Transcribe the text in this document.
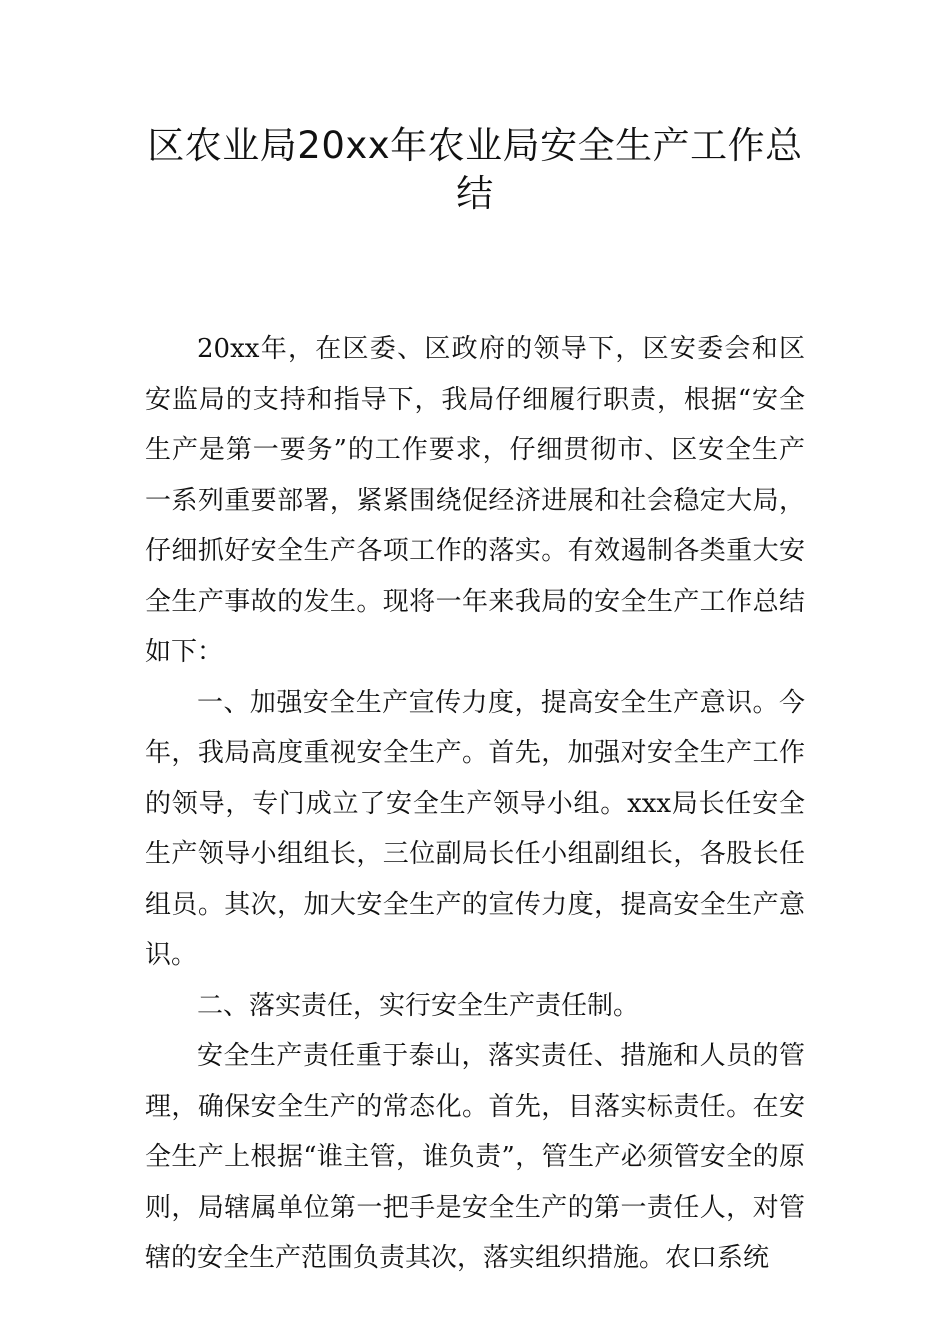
区农业局20xx年农业局安全生产工作总结

20xx年，在区委、区政府的领导下，区安委会和区安监局的支持和指导下，我局仔细履行职责，根据“安全生产是第一要务”的工作要求，仔细贯彻市、区安全生产一系列重要部署，紧紧围绕促经济进展和社会稳定大局，仔细抓好安全生产各项工作的落实。有效遏制各类重大安全生产事故的发生。现将一年来我局的安全生产工作总结如下：

一、加强安全生产宣传力度，提高安全生产意识。今年，我局高度重视安全生产。首先，加强对安全生产工作的领导，专门成立了安全生产领导小组。xxx局长任安全生产领导小组组长，三位副局长任小组副组长，各股长任组员。其次，加大安全生产的宣传力度，提高安全生产意识。

二、落实责任，实行安全生产责任制。

安全生产责任重于泰山，落实责任、措施和人员的管理，确保安全生产的常态化。首先，目落实标责任。在安全生产上根据“谁主管，谁负责”，管生产必须管安全的原则，局辖属单位第一把手是安全生产的第一责任人，对管辖的安全生产范围负责其次，落实组织措施。农口系统
